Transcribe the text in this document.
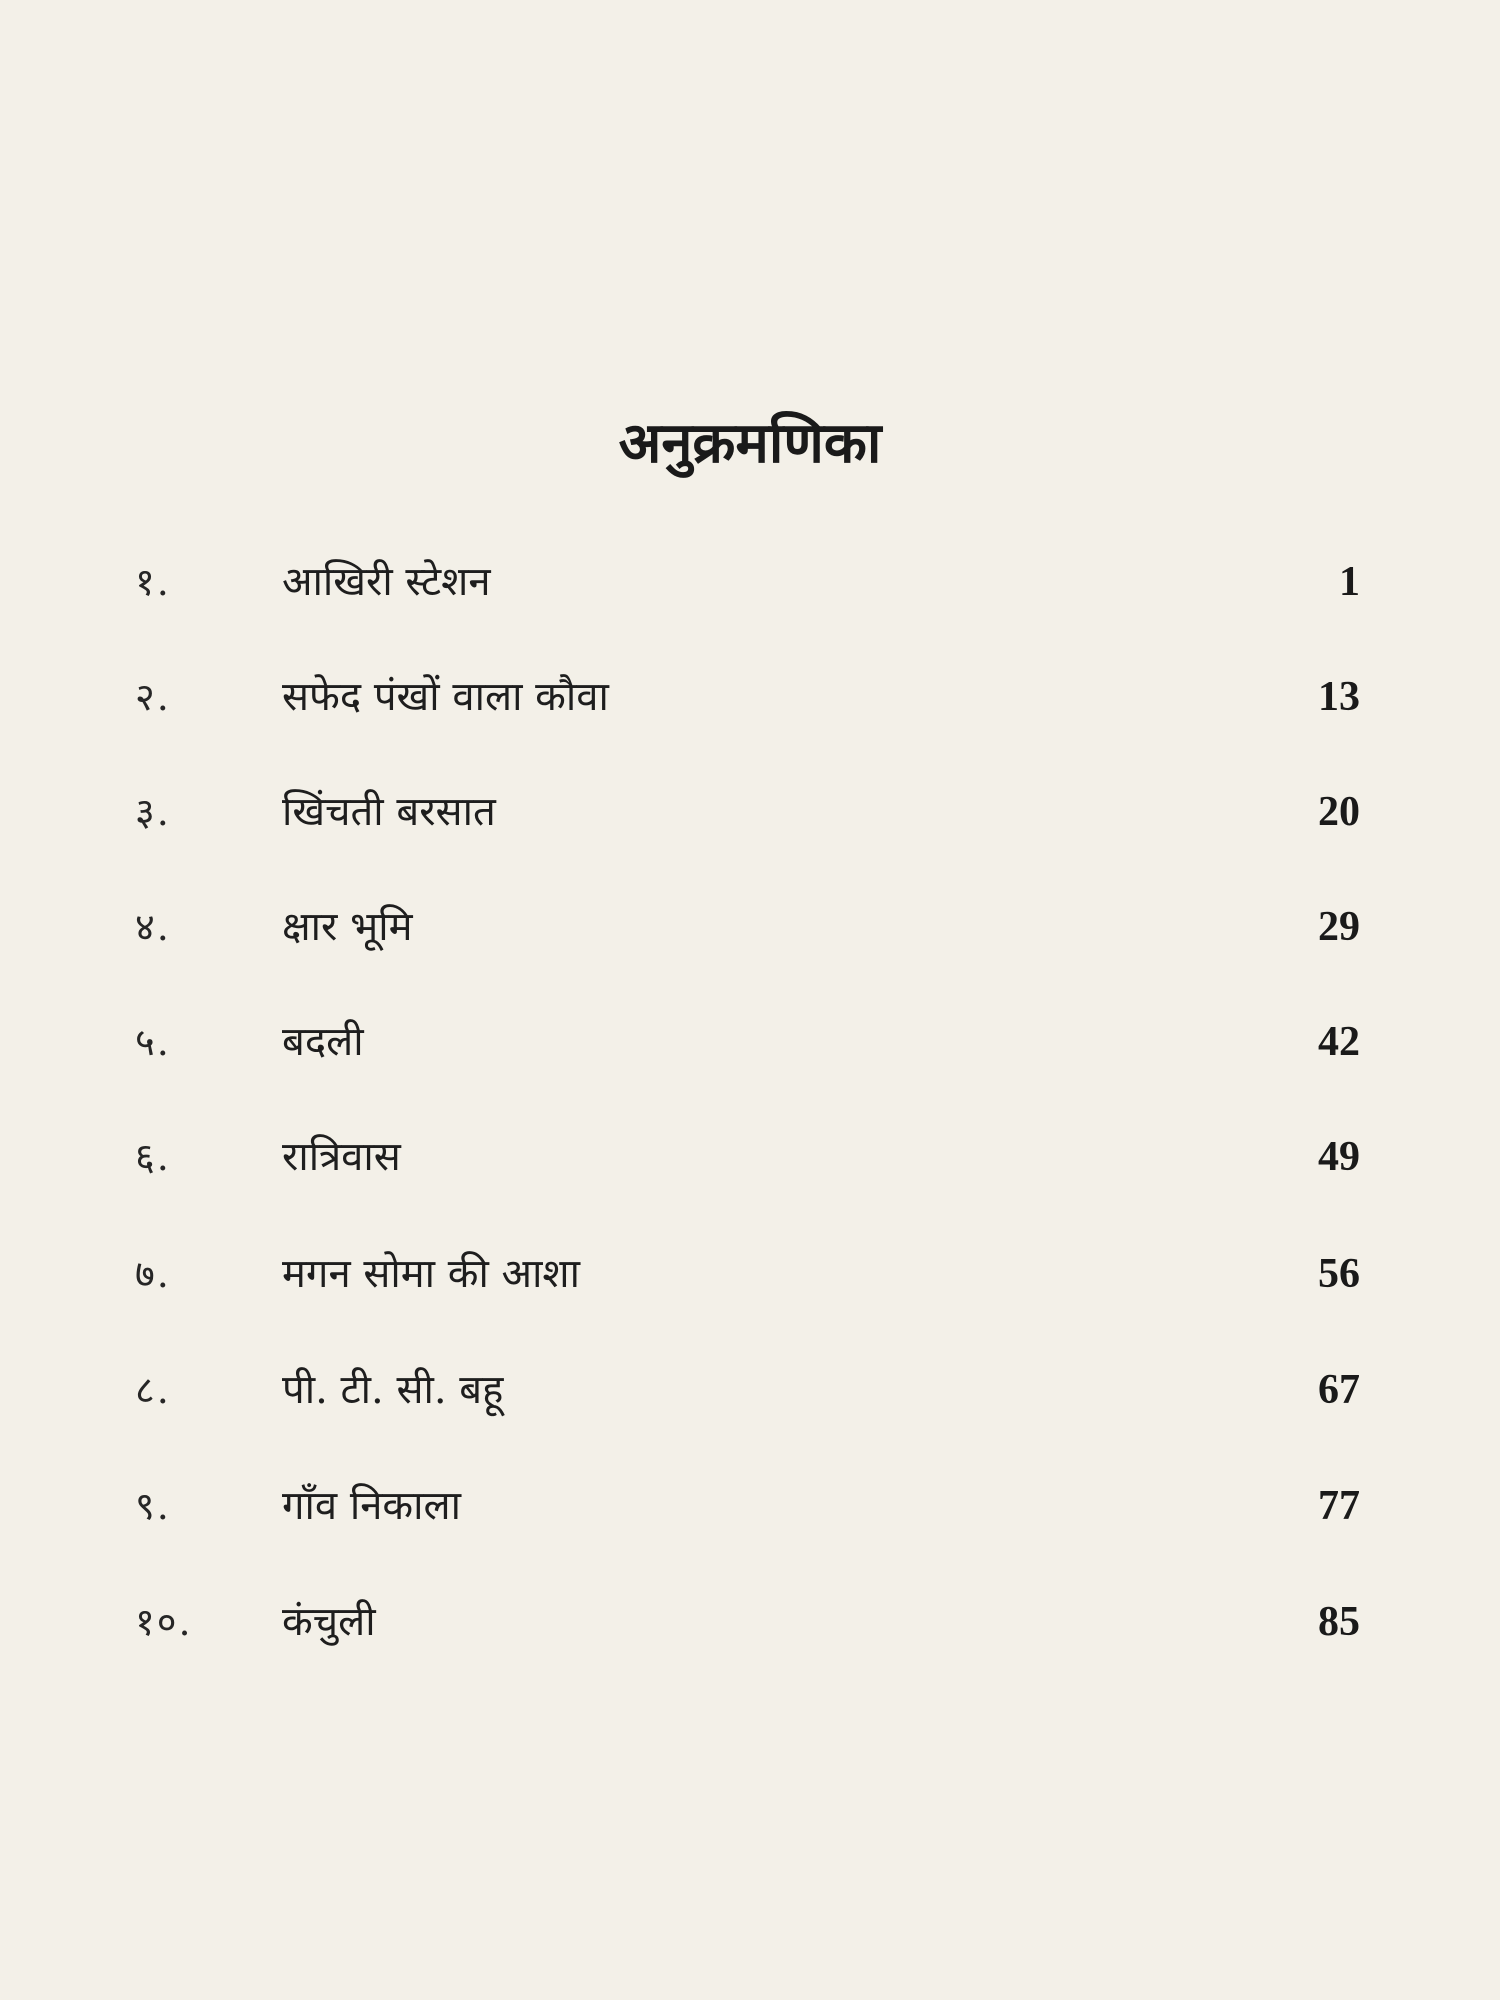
अनुक्रमणिका
१.	आखिरी स्टेशन	1
२.	सफेद पंखों वाला कौवा	13
३.	खिंचती बरसात	20
४.	क्षार भूमि	29
५.	बदली	42
६.	रात्रिवास	49
७.	मगन सोमा की आशा	56
८.	पी. टी. सी. बहू	67
९.	गाँव निकाला	77
१०. कंचुली	85
